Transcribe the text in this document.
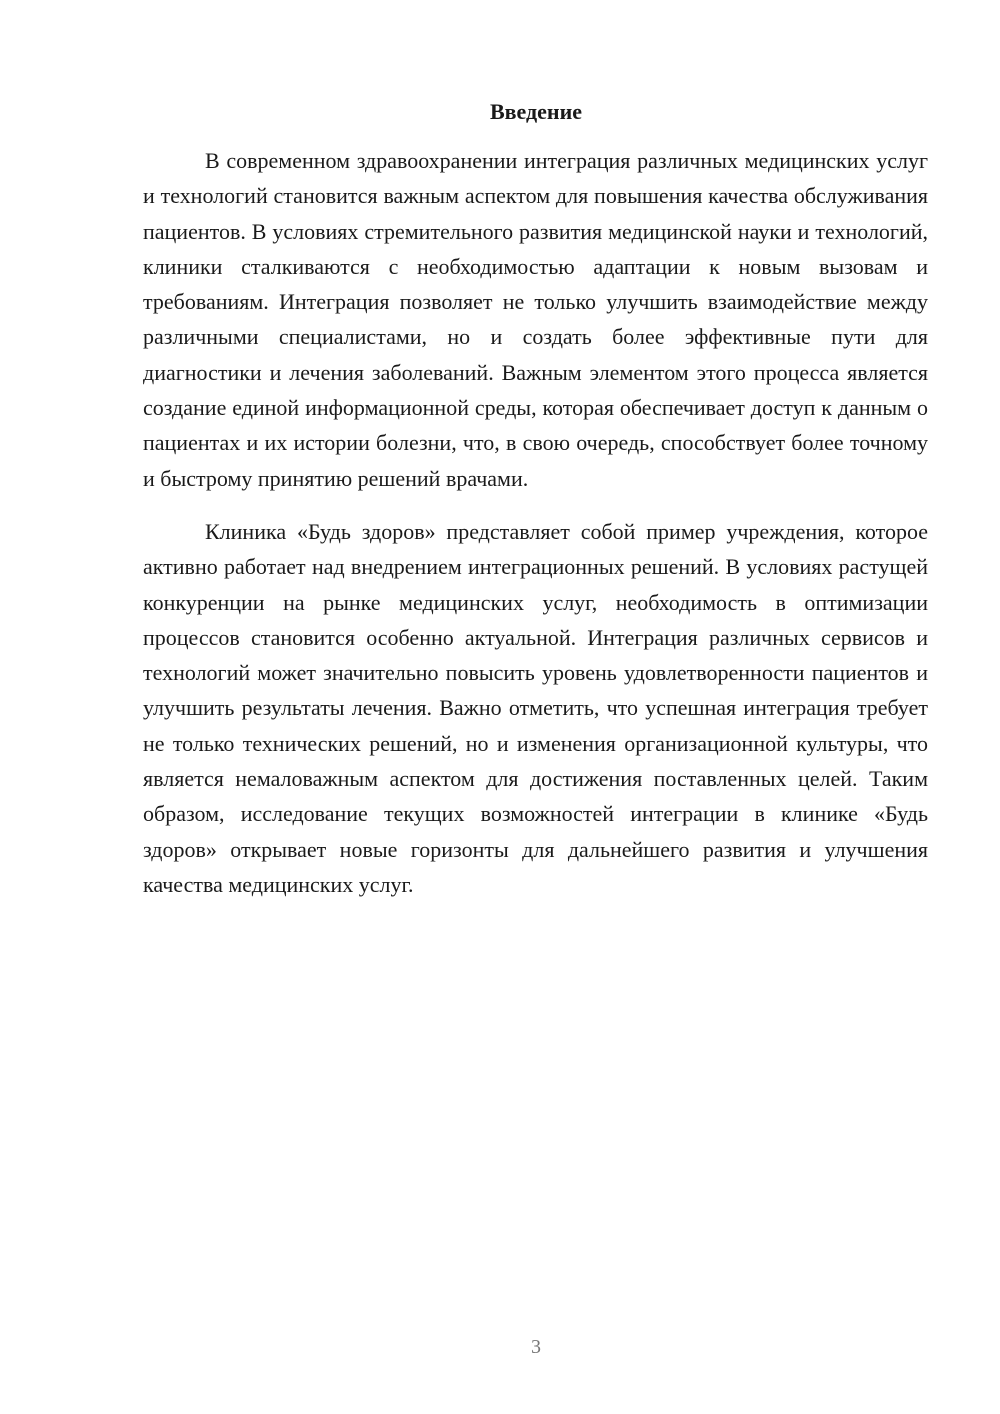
Введение

В современном здравоохранении интеграция различных медицинских услуг и технологий становится важным аспектом для повышения качества обслуживания пациентов. В условиях стремительного развития медицинской науки и технологий, клиники сталкиваются с необходимостью адаптации к новым вызовам и требованиям. Интеграция позволяет не только улучшить взаимодействие между различными специалистами, но и создать более эффективные пути для диагностики и лечения заболеваний. Важным элементом этого процесса является создание единой информационной среды, которая обеспечивает доступ к данным о пациентах и их истории болезни, что, в свою очередь, способствует более точному и быстрому принятию решений врачами.

Клиника «Будь здоров» представляет собой пример учреждения, которое активно работает над внедрением интеграционных решений. В условиях растущей конкуренции на рынке медицинских услуг, необходимость в оптимизации процессов становится особенно актуальной. Интеграция различных сервисов и технологий может значительно повысить уровень удовлетворенности пациентов и улучшить результаты лечения. Важно отметить, что успешная интеграция требует не только технических решений, но и изменения организационной культуры, что является немаловажным аспектом для достижения поставленных целей. Таким образом, исследование текущих возможностей интеграции в клинике «Будь здоров» открывает новые горизонты для дальнейшего развития и улучшения качества медицинских услуг.

3
